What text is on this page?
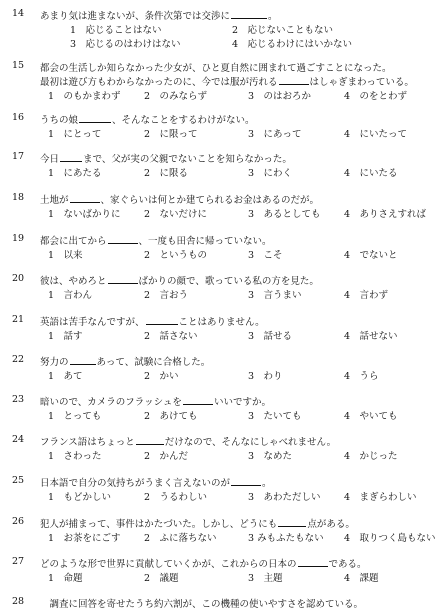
14 あまり気は進まないが、条件次第では交渉に	。
1　応じることはない	2　応じないこともない
3　応じるのはわけはない	4　応じるわけにはいかない
15 都会の生活しか知らなかった少女が、ひと夏自然に囲まれて過ごすことになった。
最初は遊び方もわからなかったのに、今では服が汚れる	はしゃぎまわっている。
1　のもかまわず 2　のみならず	3　のはおろか	4　のをとわず
16 うちの娘	、そんなことをするわけがない。
1　にとって	2　に限って	3　にあって	4　にいたって
17 今日	まで、父が実の父親でないことを知らなかった。
1　にあたる	2　に限る	3　にわく	4　にいたる
18 土地が	、家ぐらいは何とか建てられるお金はあるのだが。
1　ないばかりに 2　ないだけに	3　あるとしても 4　ありさえすれば
19 都会に出てから	、一度も田舎に帰っていない。
1　以来	2　というもの	3　こそ	4　でないと
20 彼は、やめろと	ばかりの顔で、歌っている私の方を見た。
1　言わん	2　言おう	3　言うまい	4　言わず
21 英語は苦手なんですが、	ことはありません。
1　話す	2　話さない	3　話せる	4　話せない
22 努力の	あって、試験に合格した。
1　あて	2　かい	3　わり	4　うら
23 暗いので、カメラのフラッシュを	いいですか。
1　とっても	2　あけても	3　たいても	4　やいても
24 フランス語はちょっと	だけなので、そんなにしゃべれません。
1　さわった	2　かんだ	3　なめた	4　かじった
25 日本語で自分の気持ちがうまく言えないのが	。
1　もどかしい	2　うるわしい	3　あわただしい 4　まぎらわしい
26 犯人が捕まって、事件はかたづいた。しかし、どうにも	点がある。
1　お茶をにごす 2　ふに落ちない	3 みもふたもない 4　取りつく島もない
27 どのような形で世界に貢献していくかが、これからの日本の	である。
1　命題	2　議題	3　主題	4　課題
28 　調査に回答を寄せたうち約六割が、この機種の使いやすさを認めている。
